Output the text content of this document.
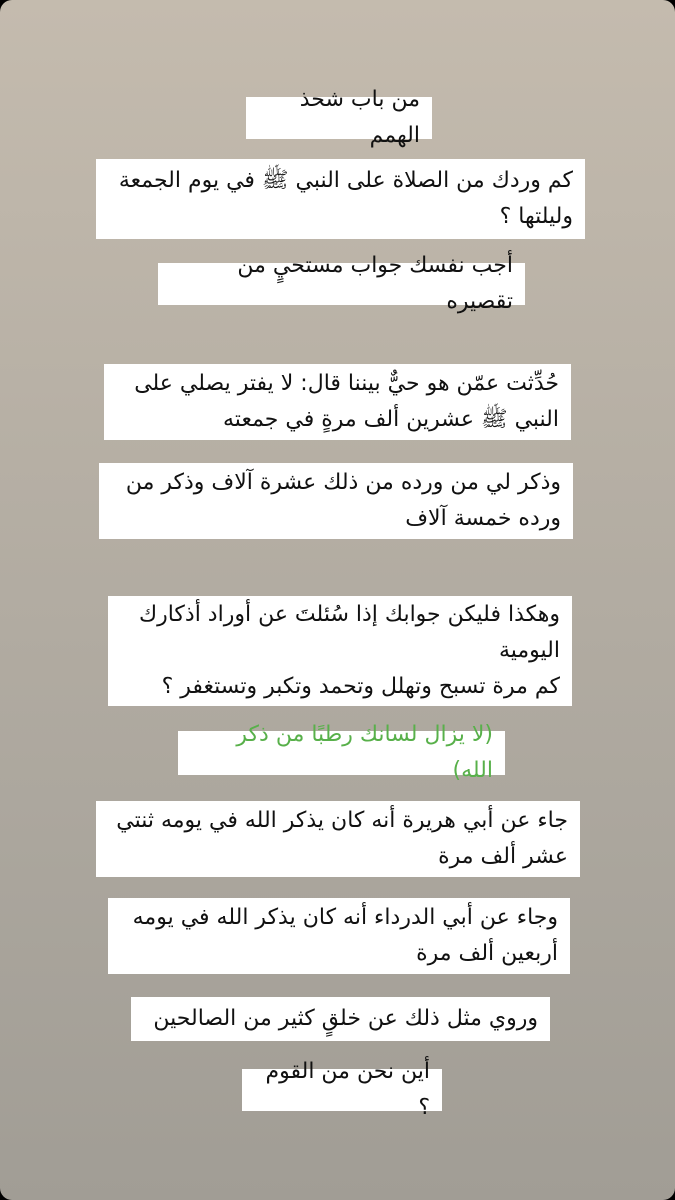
من باب شحذ الهمم
كم وردك من الصلاة على النبي ﷺ في يوم الجمعة
وليلتها ؟
أجب نفسك جواب مستحيٍ من تقصيره
حُدِّثت عمّن هو حيٌّ بيننا قال: لا يفتر يصلي على
النبي ﷺ عشرين ألف مرةٍ في جمعته
وذكر لي من ورده من ذلك عشرة آلاف وذكر من
ورده خمسة آلاف
وهكذا فليكن جوابك إذا سُئلتَ عن أوراد أذكارك
اليومية
كم مرة تسبح وتهلل وتحمد وتكبر وتستغفر ؟
(لا يزال لسانك رطبًا من ذكر الله)
جاء عن أبي هريرة أنه كان يذكر الله في يومه ثنتي
عشر ألف مرة
وجاء عن أبي الدرداء أنه كان يذكر الله في يومه
أربعين ألف مرة
وروي مثل ذلك عن خلقٍ كثير من الصالحين
أين نحن من القوم ؟
